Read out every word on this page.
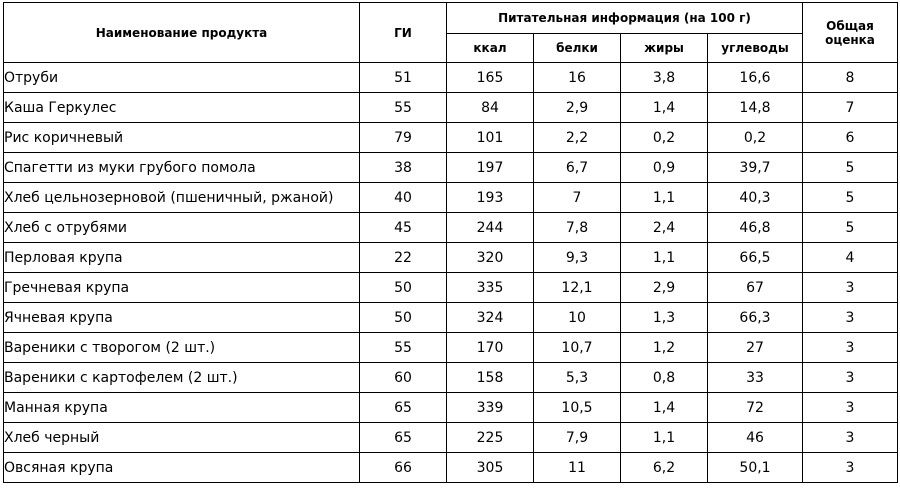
Наименование продукта	ГИ	Питательная информация (на 100 г)				Общая оценка
		ккал	белки	жиры	углеводы	
Отруби	51	165	16	3,8	16,6	8
Каша Геркулес	55	84	2,9	1,4	14,8	7
Рис коричневый	79	101	2,2	0,2	0,2	6
Спагетти из муки грубого помола	38	197	6,7	0,9	39,7	5
Хлеб цельнозерновой (пшеничный, ржаной)	40	193	7	1,1	40,3	5
Хлеб с отрубями	45	244	7,8	2,4	46,8	5
Перловая крупа	22	320	9,3	1,1	66,5	4
Гречневая крупа	50	335	12,1	2,9	67	3
Ячневая крупа	50	324	10	1,3	66,3	3
Вареники с творогом (2 шт.)	55	170	10,7	1,2	27	3
Вареники с картофелем (2 шт.)	60	158	5,3	0,8	33	3
Манная крупа	65	339	10,5	1,4	72	3
Хлеб черный	65	225	7,9	1,1	46	3
Овсяная крупа	66	305	11	6,2	50,1	3
